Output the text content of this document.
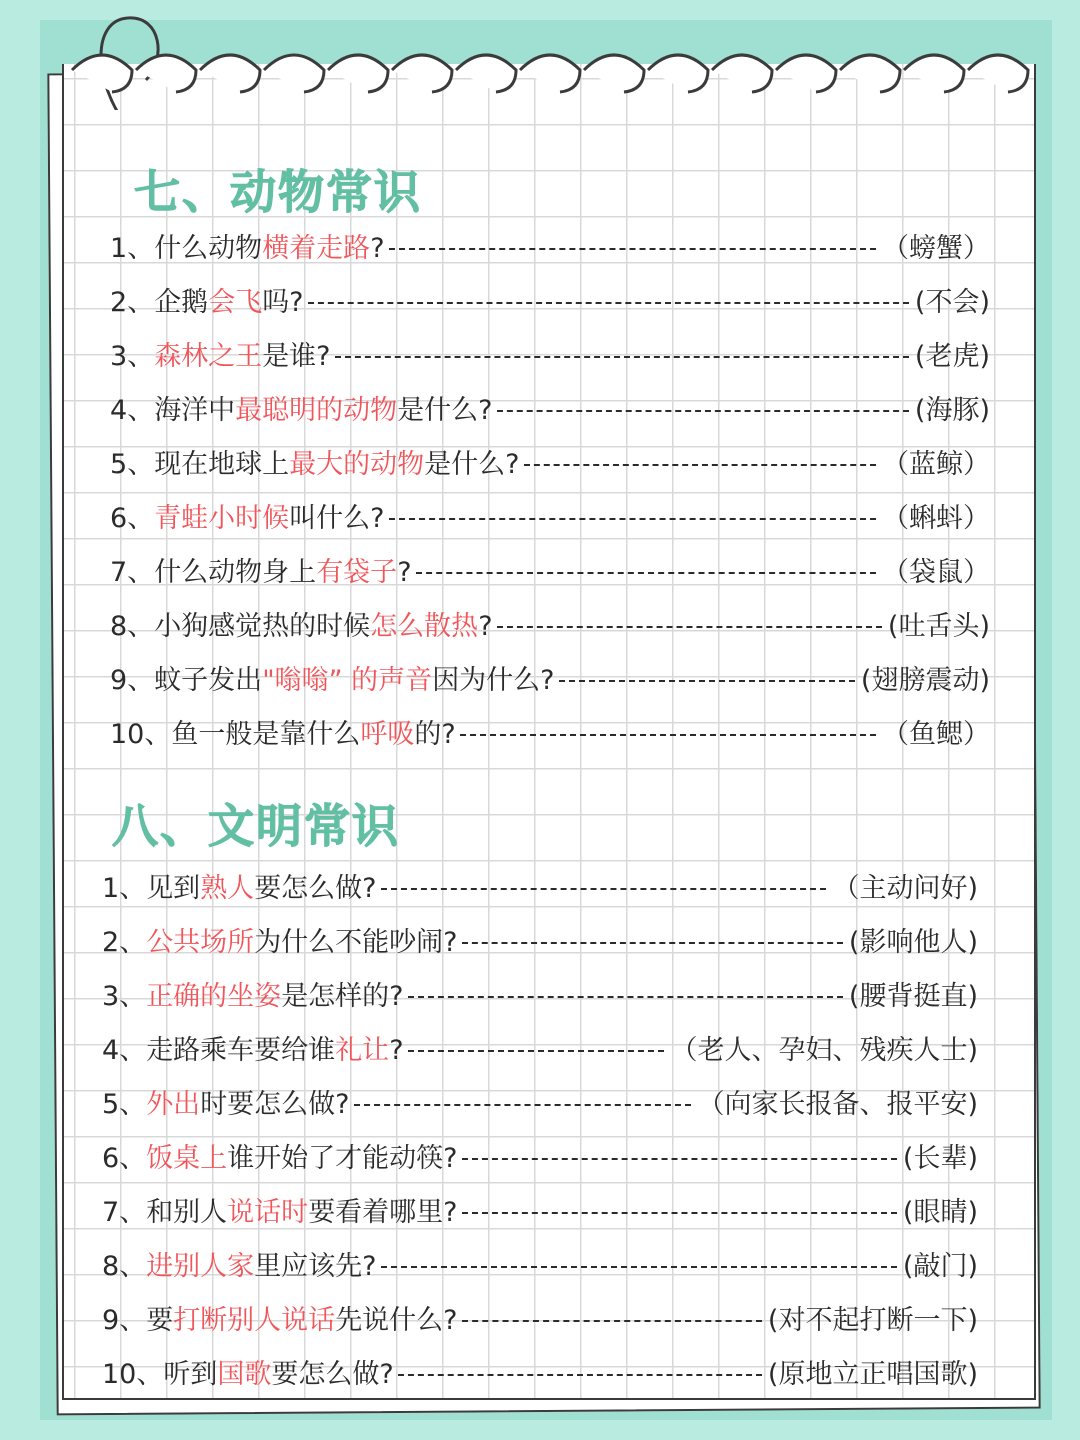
七、动物常识
1、什么动物横着走路?	（螃蟹）
2、企鹅会飞吗?	(不会)
3、森林之王是谁?	(老虎)
4、海洋中最聪明的动物是什么?	(海豚)
5、现在地球上最大的动物是什么?	（蓝鲸）
6、青蛙小时候叫什么?	（蝌蚪）
7、什么动物身上有袋子?	（袋鼠）
8、小狗感觉热的时候怎么散热?	(吐舌头)
9、蚊子发出"嗡嗡” 的声音因为什么?	(翅膀震动)
10、鱼一般是靠什么呼吸的?	（鱼鳃）
八、文明常识
1、见到熟人要怎么做?	（主动问好)
2、公共场所为什么不能吵闹?	(影响他人)
3、正确的坐姿是怎样的?	(腰背挺直)
4、走路乘车要给谁礼让?	（老人、孕妇、残疾人士)
5、外出时要怎么做?	（向家长报备、报平安)
6、饭桌上谁开始了才能动筷?	(长辈)
7、和别人说话时要看着哪里?	(眼睛)
8、进别人家里应该先?	(敲门)
9、要打断别人说话先说什么?	(对不起打断一下)
10、听到国歌要怎么做?	(原地立正唱国歌)
